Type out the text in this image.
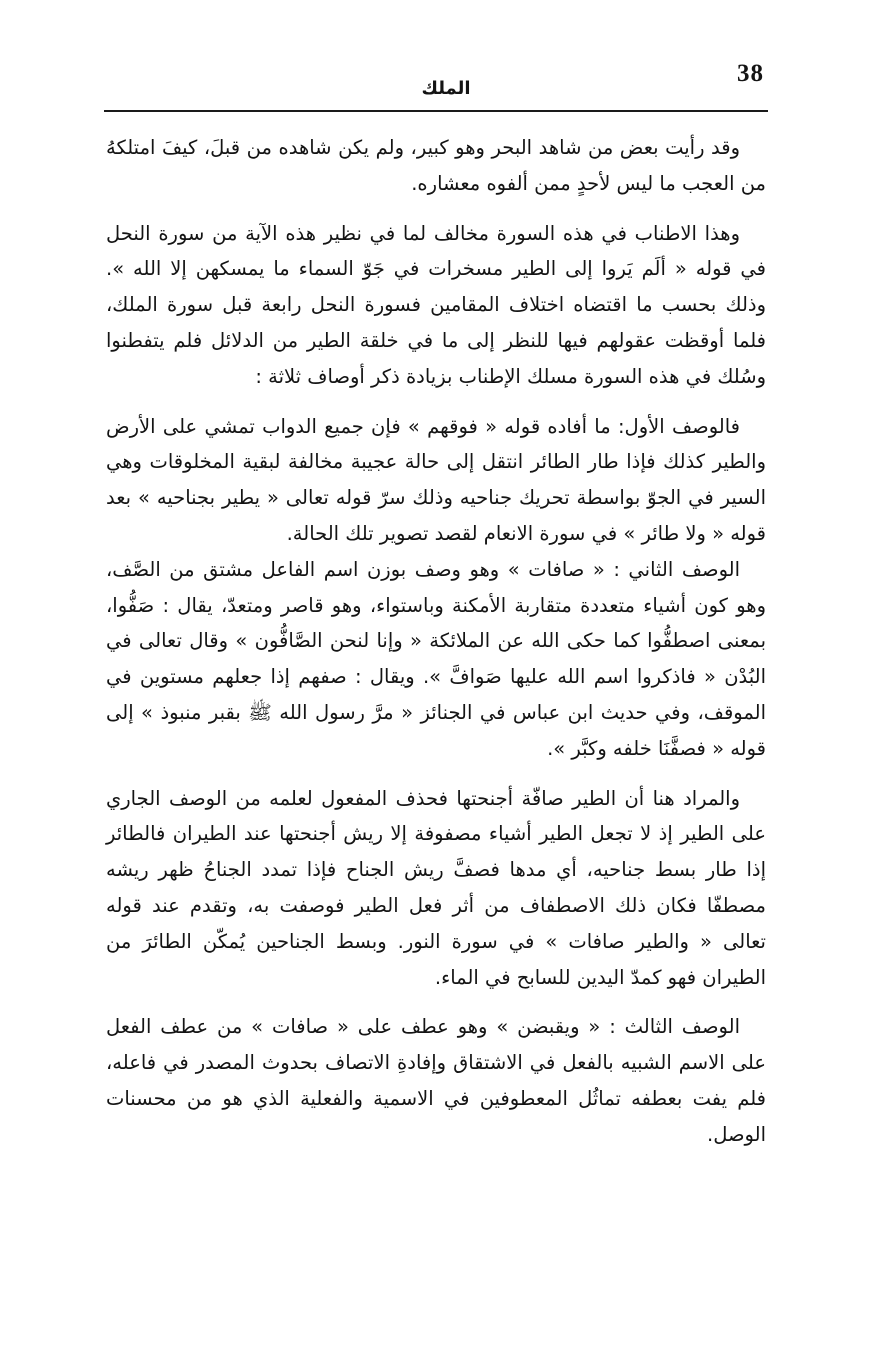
38

الملك

وقد رأيت بعض من شاهد البحر وهو كبير، ولم يكن شاهده من قبلَ، كيفَ امتلكهُ من العجب ما ليس لأحدٍ ممن ألفوه معشاره.

وهذا الاطناب في هذه السورة مخالف لما في نظير هذه الآية من سورة النحل في قوله « ألَم يَروا إلى الطير مسخرات في جَوّ السماء ما يمسكهن إلا الله ». وذلك بحسب ما اقتضاه اختلاف المقامين فسورة النحل رابعة قبل سورة الملك، فلما أوقظت عقولهم فيها للنظر إلى ما في خلقة الطير من الدلائل فلم يتفطنوا وسُلك في هذه السورة مسلك الإطناب بزيادة ذكر أوصاف ثلاثة :

فالوصف الأول: ما أفاده قوله « فوقهم » فإن جميع الدواب تمشي على الأرض والطير كذلك فإذا طار الطائر انتقل إلى حالة عجيبة مخالفة لبقية المخلوقات وهي السير في الجوّ بواسطة تحريك جناحيه وذلك سرّ قوله تعالى « يطير بجناحيه » بعد قوله « ولا طائر » في سورة الانعام لقصد تصوير تلك الحالة.

الوصف الثاني : « صافات » وهو وصف بوزن اسم الفاعل مشتق من الصَّف، وهو كون أشياء متعددة متقاربة الأمكنة وباستواء، وهو قاصر ومتعدّ، يقال : صَفُّوا، بمعنى اصطفُّوا كما حكى الله عن الملائكة « وإنا لنحن الصَّافُّون » وقال تعالى في البُدْن « فاذكروا اسم الله عليها صَوافَّ ». ويقال : صفهم إذا جعلهم مستوين في الموقف، وفي حديث ابن عباس في الجنائز « مرَّ رسول الله ﷺ بقبر منبوذ » إلى قوله « فصفَّنَا خلفه وكبَّر ».

والمراد هنا أن الطير صافّة أجنحتها فحذف المفعول لعلمه من الوصف الجاري على الطير إذ لا تجعل الطير أشياء مصفوفة إلا ريش أجنحتها عند الطيران فالطائر إذا طار بسط جناحيه، أي مدها فصفَّ ريش الجناح فإذا تمدد الجناحُ ظهر ريشه مصطفّا فكان ذلك الاصطفاف من أثر فعل الطير فوصفت به، وتقدم عند قوله تعالى « والطير صافات » في سورة النور. وبسط الجناحين يُمكّن الطائرَ من الطيران فهو كمدّ اليدين للسابح في الماء.

الوصف الثالث : « ويقبضن » وهو عطف على « صافات » من عطف الفعل على الاسم الشبيه بالفعل في الاشتقاق وإفادةِ الاتصاف بحدوث المصدر في فاعله، فلم يفت بعطفه تماثُل المعطوفين في الاسمية والفعلية الذي هو من محسنات الوصل.
